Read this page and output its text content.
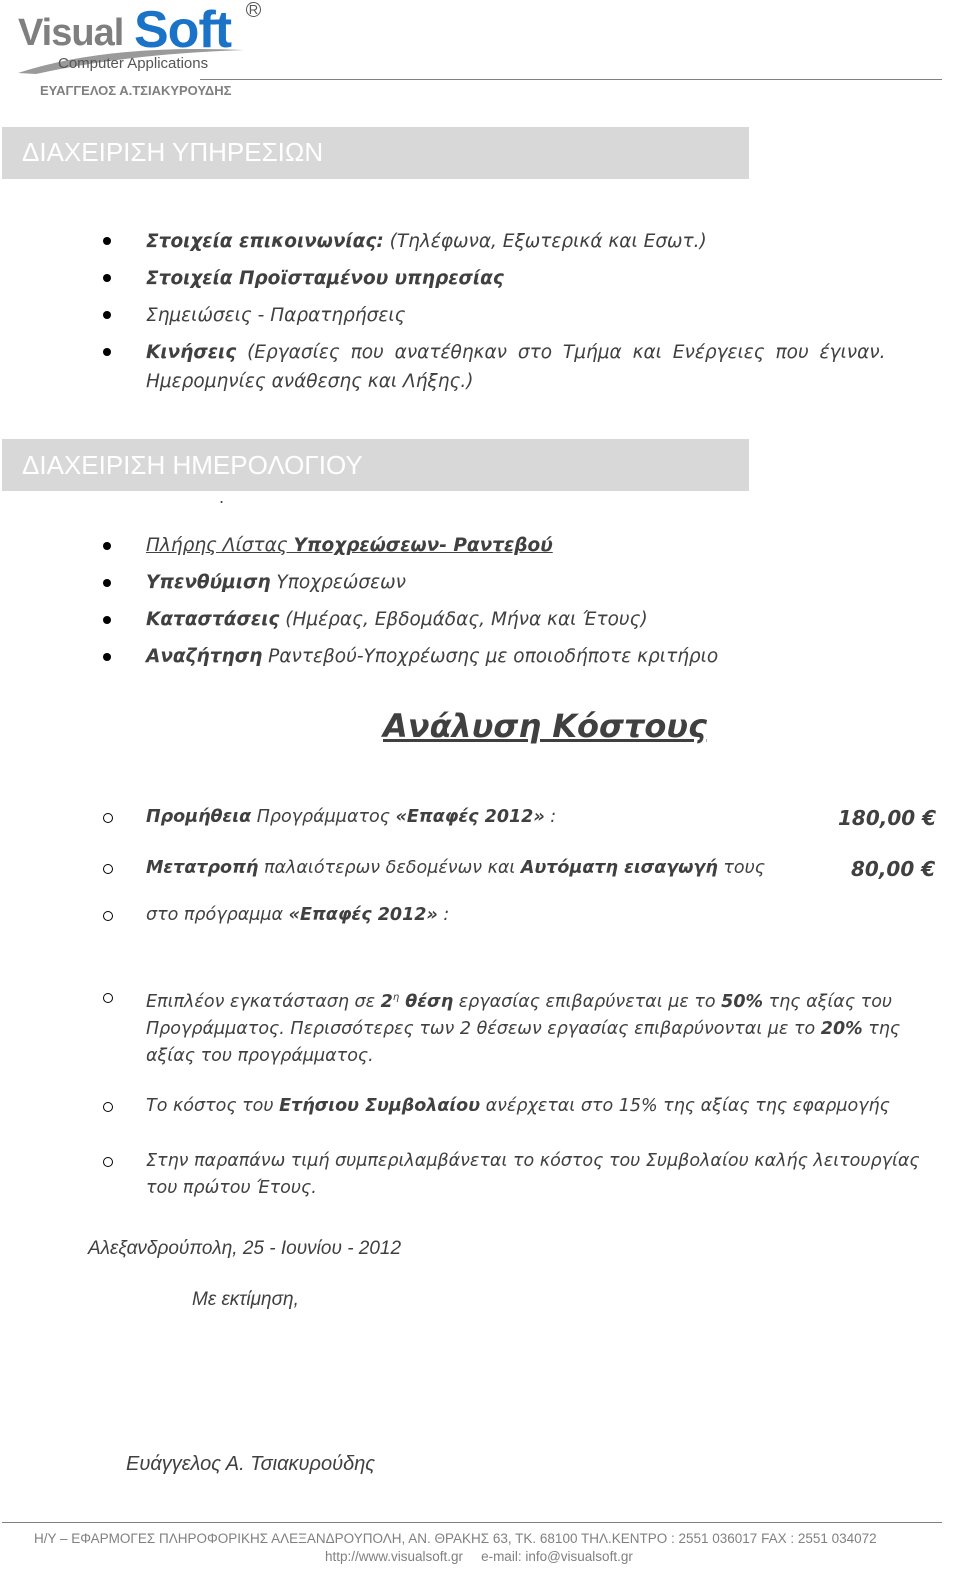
Visual Soft R
Computer Applications
ΕΥΑΓΓΕΛΟΣ Α.ΤΣΙΑΚΥΡΟΥΔΗΣ
ΔΙΑΧΕΙΡΙΣΗ ΥΠΗΡΕΣΙΩΝ
Στοιχεία επικοινωνίας: (Τηλέφωνα, Εξωτερικά και Εσωτ.)
Στοιχεία Προϊσταμένου υπηρεσίας
Σημειώσεις - Παρατηρήσεις
Κινήσεις (Εργασίες που ανατέθηκαν στο Τμήμα και Ενέργειες που έγιναν.
Ημερομηνίες ανάθεσης και Λήξης.)
ΔΙΑΧΕΙΡΙΣΗ ΗΜΕΡΟΛΟΓΙΟΥ
.
Πλήρης Λίστας Υποχρεώσεων- Ραντεβού
Υπενθύμιση Υποχρεώσεων
Καταστάσεις (Ημέρας, Εβδομάδας, Μήνα και Έτους)
Αναζήτηση Ραντεβού-Υποχρέωσης με οποιοδήποτε κριτήριο
Ανάλυση Κόστους
Προμήθεια Προγράμματος «Επαφές 2012» :	180,00 €
Μετατροπή παλαιότερων δεδομένων και Αυτόματη εισαγωγή τους	80,00 €
στο πρόγραμμα «Επαφές 2012» :
Επιπλέον εγκατάσταση σε $2^\eta$ θέση εργασίας επιβαρύνεται με το 50% της αξίας του Προγράμματος. Περισσότερες των 2 θέσεων εργασίας επιβαρύνονται με το 20% της αξίας του προγράμματος.
Το κόστος του Ετήσιου Συμβολαίου ανέρχεται στο 15% της αξίας της εφαρμογής
Στην παραπάνω τιμή συμπεριλαμβάνεται το κόστος του Συμβολαίου καλής λειτουργίας του πρώτου Έτους.
Αλεξανδρούπολη, 25 - Ιουνίου - 2012
Με εκτίμηση,
Ευάγγελος Α. Τσιακυρούδης
Η/Υ – ΕΦΑΡΜΟΓΕΣ ΠΛΗΡΟΦΟΡΙΚΗΣ ΑΛΕΞΑΝΔΡΟΥΠΟΛΗ, ΑΝ. ΘΡΑΚΗΣ 63, ΤΚ. 68100 ΤΗΛ.ΚΕΝΤΡΟ : 2551 036017 FAX : 2551 034072
http://www.visualsoft.gr e-mail: info@visualsoft.gr
